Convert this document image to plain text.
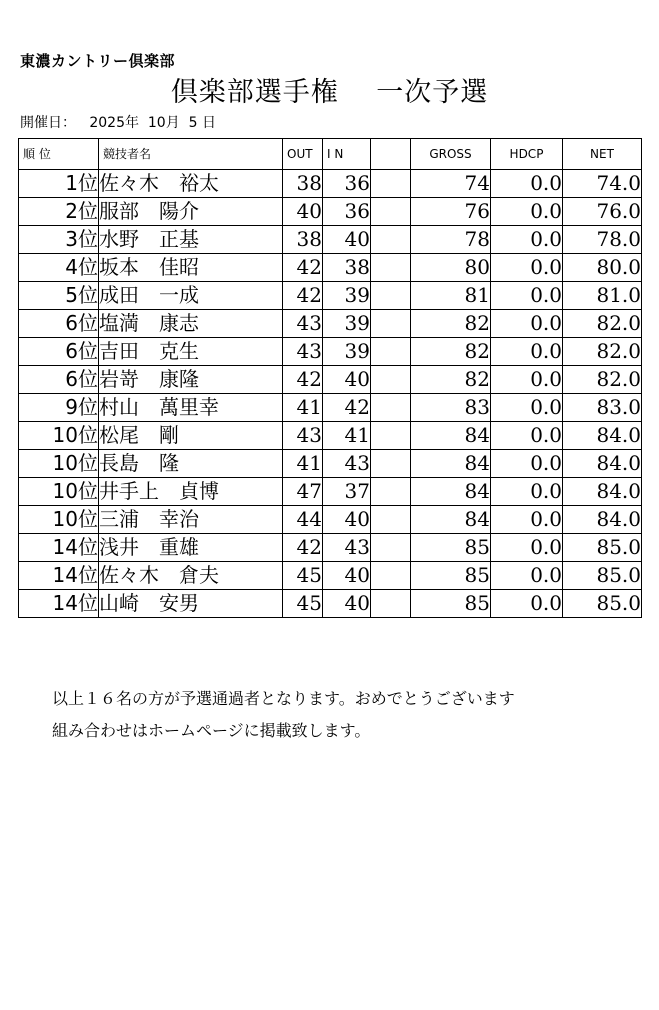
東濃カントリー倶楽部
倶楽部選手権　 一次予選
開催日： 2025年  10月  5 日
順 位	競技者名	OUT	I N		GROSS	HDCP	NET
1位	佐々木　裕太	38	36		74	0.0	74.0
2位	服部　陽介	40	36		76	0.0	76.0
3位	水野　正基	38	40		78	0.0	78.0
4位	坂本　佳昭	42	38		80	0.0	80.0
5位	成田　一成	42	39		81	0.0	81.0
6位	塩満　康志	43	39		82	0.0	82.0
6位	吉田　克生	43	39		82	0.0	82.0
6位	岩嵜　康隆	42	40		82	0.0	82.0
9位	村山　萬里幸	41	42		83	0.0	83.0
10位	松尾　剛	43	41		84	0.0	84.0
10位	長島　隆	41	43		84	0.0	84.0
10位	井手上　貞博	47	37		84	0.0	84.0
10位	三浦　幸治	44	40		84	0.0	84.0
14位	浅井　重雄	42	43		85	0.0	85.0
14位	佐々木　倉夫	45	40		85	0.0	85.0
14位	山崎　安男	45	40		85	0.0	85.0
以上１６名の方が予選通過者となります。おめでとうございます
組み合わせはホームページに掲載致します。
